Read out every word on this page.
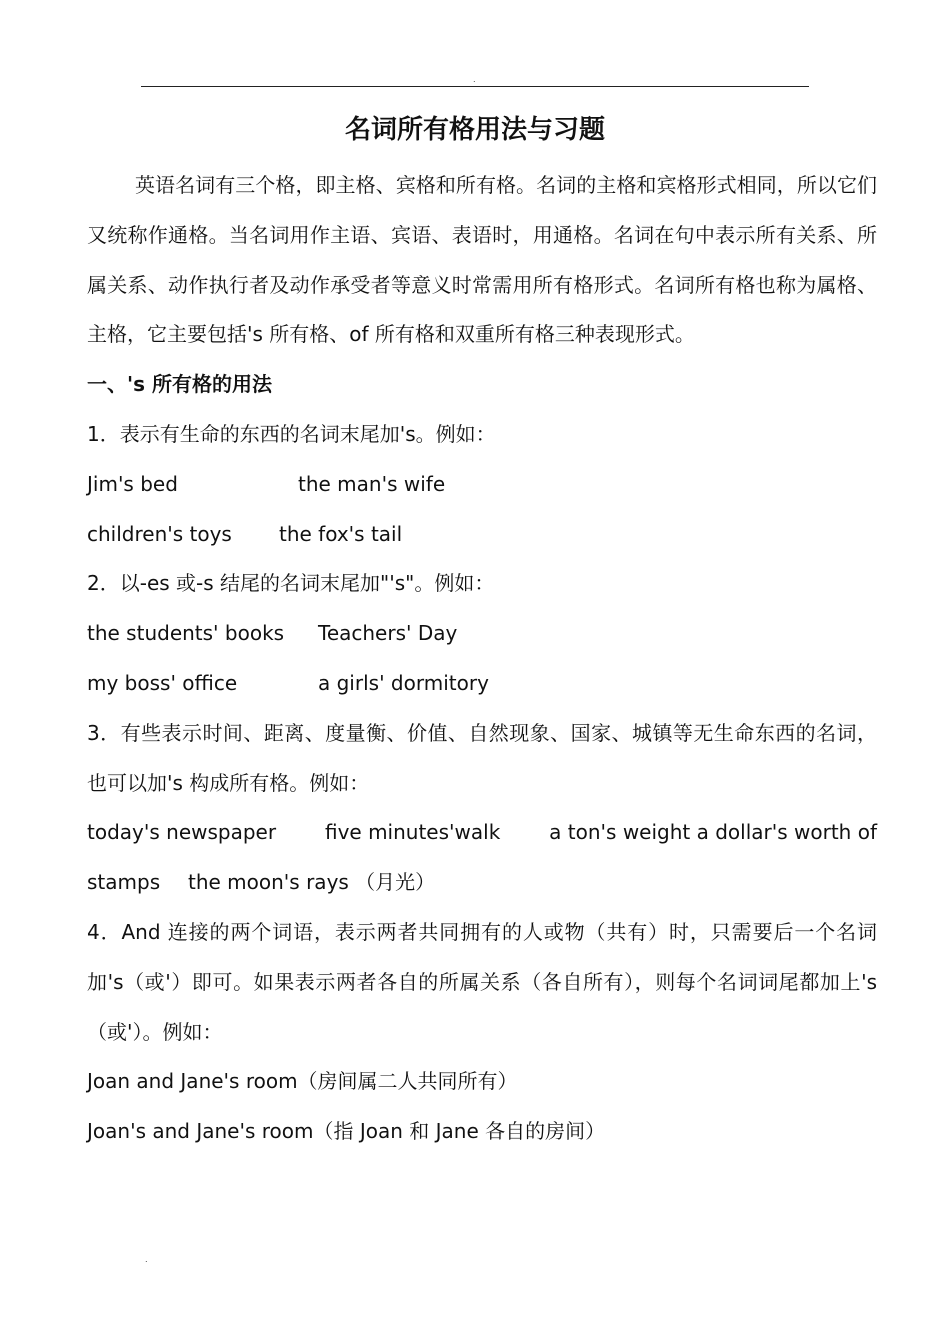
.
名词所有格用法与习题

英语名词有三个格，即主格、宾格和所有格。名词的主格和宾格形式相同，所以它们又统称作通格。当名词用作主语、宾语、表语时，用通格。名词在句中表示所有关系、所属关系、动作执行者及动作承受者等意义时常需用所有格形式。名词所有格也称为属格、主格，它主要包括's 所有格、of 所有格和双重所有格三种表现形式。

一、's 所有格的用法

1．表示有生命的东西的名词末尾加's。例如：

Jim's bed	the man's wife
children's toys	the fox's tail

2．以-es 或-s 结尾的名词末尾加"'s"。例如：

the students' books	Teachers' Day
my boss' office	a girls' dormitory

3．有些表示时间、距离、度量衡、价值、自然现象、国家、城镇等无生命东西的名词，也可以加's 构成所有格。例如：

today's newspaper five minutes'walk a ton's weight a dollar's worth of
stamps	the moon's rays （月光）

4．And 连接的两个词语，表示两者共同拥有的人或物（共有）时，只需要后一个名词加's（或'）即可。如果表示两者各自的所属关系（各自所有），则每个名词词尾都加上's（或'）。例如：

Joan and Jane's room（房间属二人共同所有）

Joan's and Jane's room（指 Joan 和 Jane 各自的房间）

.
